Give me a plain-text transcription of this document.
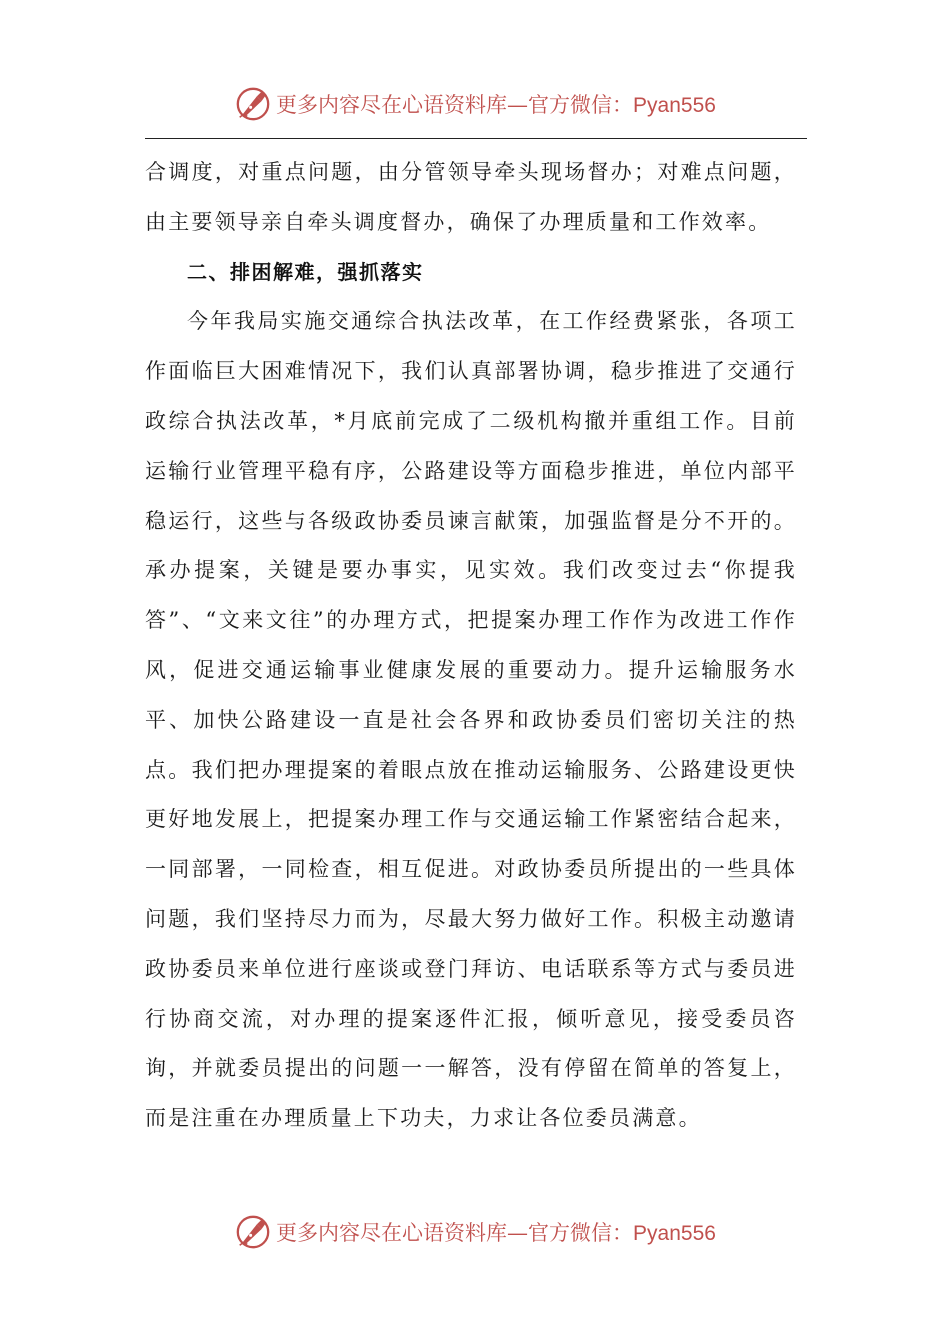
更多内容尽在心语资料库—官方微信：Pyan556

合调度，对重点问题，由分管领导牵头现场督办；对难点问题，由主要领导亲自牵头调度督办，确保了办理质量和工作效率。

二、排困解难，强抓落实

今年我局实施交通综合执法改革，在工作经费紧张，各项工作面临巨大困难情况下，我们认真部署协调，稳步推进了交通行政综合执法改革，*月底前完成了二级机构撤并重组工作。目前运输行业管理平稳有序，公路建设等方面稳步推进，单位内部平稳运行，这些与各级政协委员谏言献策，加强监督是分不开的。承办提案，关键是要办事实，见实效。我们改变过去“你提我答”、“文来文往”的办理方式，把提案办理工作作为改进工作作风，促进交通运输事业健康发展的重要动力。提升运输服务水平、加快公路建设一直是社会各界和政协委员们密切关注的热点。我们把办理提案的着眼点放在推动运输服务、公路建设更快更好地发展上，把提案办理工作与交通运输工作紧密结合起来，一同部署，一同检查，相互促进。对政协委员所提出的一些具体问题，我们坚持尽力而为，尽最大努力做好工作。积极主动邀请政协委员来单位进行座谈或登门拜访、电话联系等方式与委员进行协商交流，对办理的提案逐件汇报，倾听意见，接受委员咨询，并就委员提出的问题一一解答，没有停留在简单的答复上，而是注重在办理质量上下功夫，力求让各位委员满意。

更多内容尽在心语资料库—官方微信：Pyan556
